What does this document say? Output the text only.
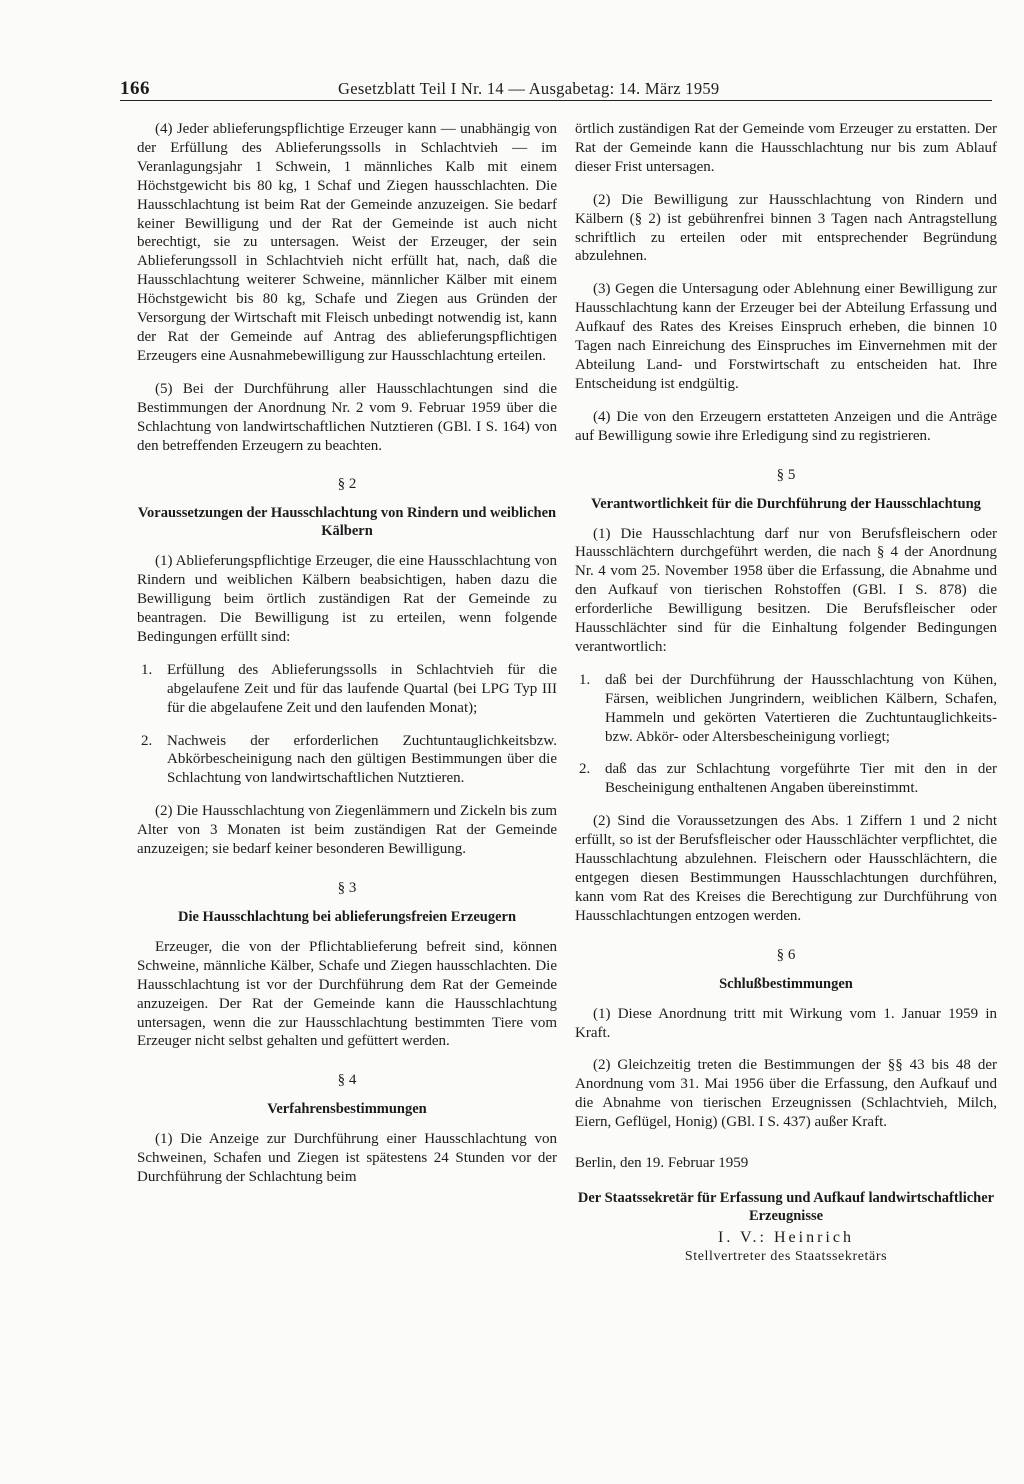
166	Gesetzblatt Teil I Nr. 14 — Ausgabetag: 14. März 1959

(4) Jeder ablieferungspflichtige Erzeuger kann — unabhängig von der Erfüllung des Ablieferungssolls in Schlachtvieh — im Veranlagungsjahr 1 Schwein, 1 männliches Kalb mit einem Höchstgewicht bis 80 kg, 1 Schaf und Ziegen hausschlachten. Die Hausschlachtung ist beim Rat der Gemeinde anzuzeigen. Sie bedarf keiner Bewilligung und der Rat der Gemeinde ist auch nicht berechtigt, sie zu untersagen. Weist der Erzeuger, der sein Ablieferungssoll in Schlachtvieh nicht erfüllt hat, nach, daß die Hausschlachtung weiterer Schweine, männlicher Kälber mit einem Höchstgewicht bis 80 kg, Schafe und Ziegen aus Gründen der Versorgung der Wirtschaft mit Fleisch unbedingt notwendig ist, kann der Rat der Gemeinde auf Antrag des ablieferungspflichtigen Erzeugers eine Ausnahmebewilligung zur Hausschlachtung erteilen.

(5) Bei der Durchführung aller Hausschlachtungen sind die Bestimmungen der Anordnung Nr. 2 vom 9. Februar 1959 über die Schlachtung von landwirtschaftlichen Nutztieren (GBl. I S. 164) von den betreffenden Erzeugern zu beachten.

§ 2
Voraussetzungen der Hausschlachtung von Rindern und weiblichen Kälbern

(1) Ablieferungspflichtige Erzeuger, die eine Hausschlachtung von Rindern und weiblichen Kälbern beabsichtigen, haben dazu die Bewilligung beim örtlich zuständigen Rat der Gemeinde zu beantragen. Die Bewilligung ist zu erteilen, wenn folgende Bedingungen erfüllt sind:

1. Erfüllung des Ablieferungssolls in Schlachtvieh für die abgelaufene Zeit und für das laufende Quartal (bei LPG Typ III für die abgelaufene Zeit und den laufenden Monat);
2. Nachweis der erforderlichen Zuchtuntauglichkeitsbzw. Abkörbescheinigung nach den gültigen Bestimmungen über die Schlachtung von landwirtschaftlichen Nutztieren.

(2) Die Hausschlachtung von Ziegenlämmern und Zickeln bis zum Alter von 3 Monaten ist beim zuständigen Rat der Gemeinde anzuzeigen; sie bedarf keiner besonderen Bewilligung.

§ 3
Die Hausschlachtung bei ablieferungsfreien Erzeugern

Erzeuger, die von der Pflichtablieferung befreit sind, können Schweine, männliche Kälber, Schafe und Ziegen hausschlachten. Die Hausschlachtung ist vor der Durchführung dem Rat der Gemeinde anzuzeigen. Der Rat der Gemeinde kann die Hausschlachtung untersagen, wenn die zur Hausschlachtung bestimmten Tiere vom Erzeuger nicht selbst gehalten und gefüttert werden.

§ 4
Verfahrensbestimmungen

(1) Die Anzeige zur Durchführung einer Hausschlachtung von Schweinen, Schafen und Ziegen ist spätestens 24 Stunden vor der Durchführung der Schlachtung beim

örtlich zuständigen Rat der Gemeinde vom Erzeuger zu erstatten. Der Rat der Gemeinde kann die Hausschlachtung nur bis zum Ablauf dieser Frist untersagen.

(2) Die Bewilligung zur Hausschlachtung von Rindern und Kälbern (§ 2) ist gebührenfrei binnen 3 Tagen nach Antragstellung schriftlich zu erteilen oder mit entsprechender Begründung abzulehnen.

(3) Gegen die Untersagung oder Ablehnung einer Bewilligung zur Hausschlachtung kann der Erzeuger bei der Abteilung Erfassung und Aufkauf des Rates des Kreises Einspruch erheben, die binnen 10 Tagen nach Einreichung des Einspruches im Einvernehmen mit der Abteilung Land- und Forstwirtschaft zu entscheiden hat. Ihre Entscheidung ist endgültig.

(4) Die von den Erzeugern erstatteten Anzeigen und die Anträge auf Bewilligung sowie ihre Erledigung sind zu registrieren.

§ 5
Verantwortlichkeit für die Durchführung der Hausschlachtung

(1) Die Hausschlachtung darf nur von Berufsfleischern oder Hausschlächtern durchgeführt werden, die nach § 4 der Anordnung Nr. 4 vom 25. November 1958 über die Erfassung, die Abnahme und den Aufkauf von tierischen Rohstoffen (GBl. I S. 878) die erforderliche Bewilligung besitzen. Die Berufsfleischer oder Hausschlächter sind für die Einhaltung folgender Bedingungen verantwortlich:

1. daß bei der Durchführung der Hausschlachtung von Kühen, Färsen, weiblichen Jungrindern, weiblichen Kälbern, Schafen, Hammeln und gekörten Vatertieren die Zuchtuntauglichkeits- bzw. Abkör- oder Altersbescheinigung vorliegt;
2. daß das zur Schlachtung vorgeführte Tier mit den in der Bescheinigung enthaltenen Angaben übereinstimmt.

(2) Sind die Voraussetzungen des Abs. 1 Ziffern 1 und 2 nicht erfüllt, so ist der Berufsfleischer oder Hausschlächter verpflichtet, die Hausschlachtung abzulehnen. Fleischern oder Hausschlächtern, die entgegen diesen Bestimmungen Hausschlachtungen durchführen, kann vom Rat des Kreises die Berechtigung zur Durchführung von Hausschlachtungen entzogen werden.

§ 6
Schlußbestimmungen

(1) Diese Anordnung tritt mit Wirkung vom 1. Januar 1959 in Kraft.

(2) Gleichzeitig treten die Bestimmungen der §§ 43 bis 48 der Anordnung vom 31. Mai 1956 über die Erfassung, den Aufkauf und die Abnahme von tierischen Erzeugnissen (Schlachtvieh, Milch, Eiern, Geflügel, Honig) (GBl. I S. 437) außer Kraft.

Berlin, den 19. Februar 1959

Der Staatssekretär für Erfassung und Aufkauf landwirtschaftlicher Erzeugnisse
I. V.: Heinrich
Stellvertreter des Staatssekretärs
